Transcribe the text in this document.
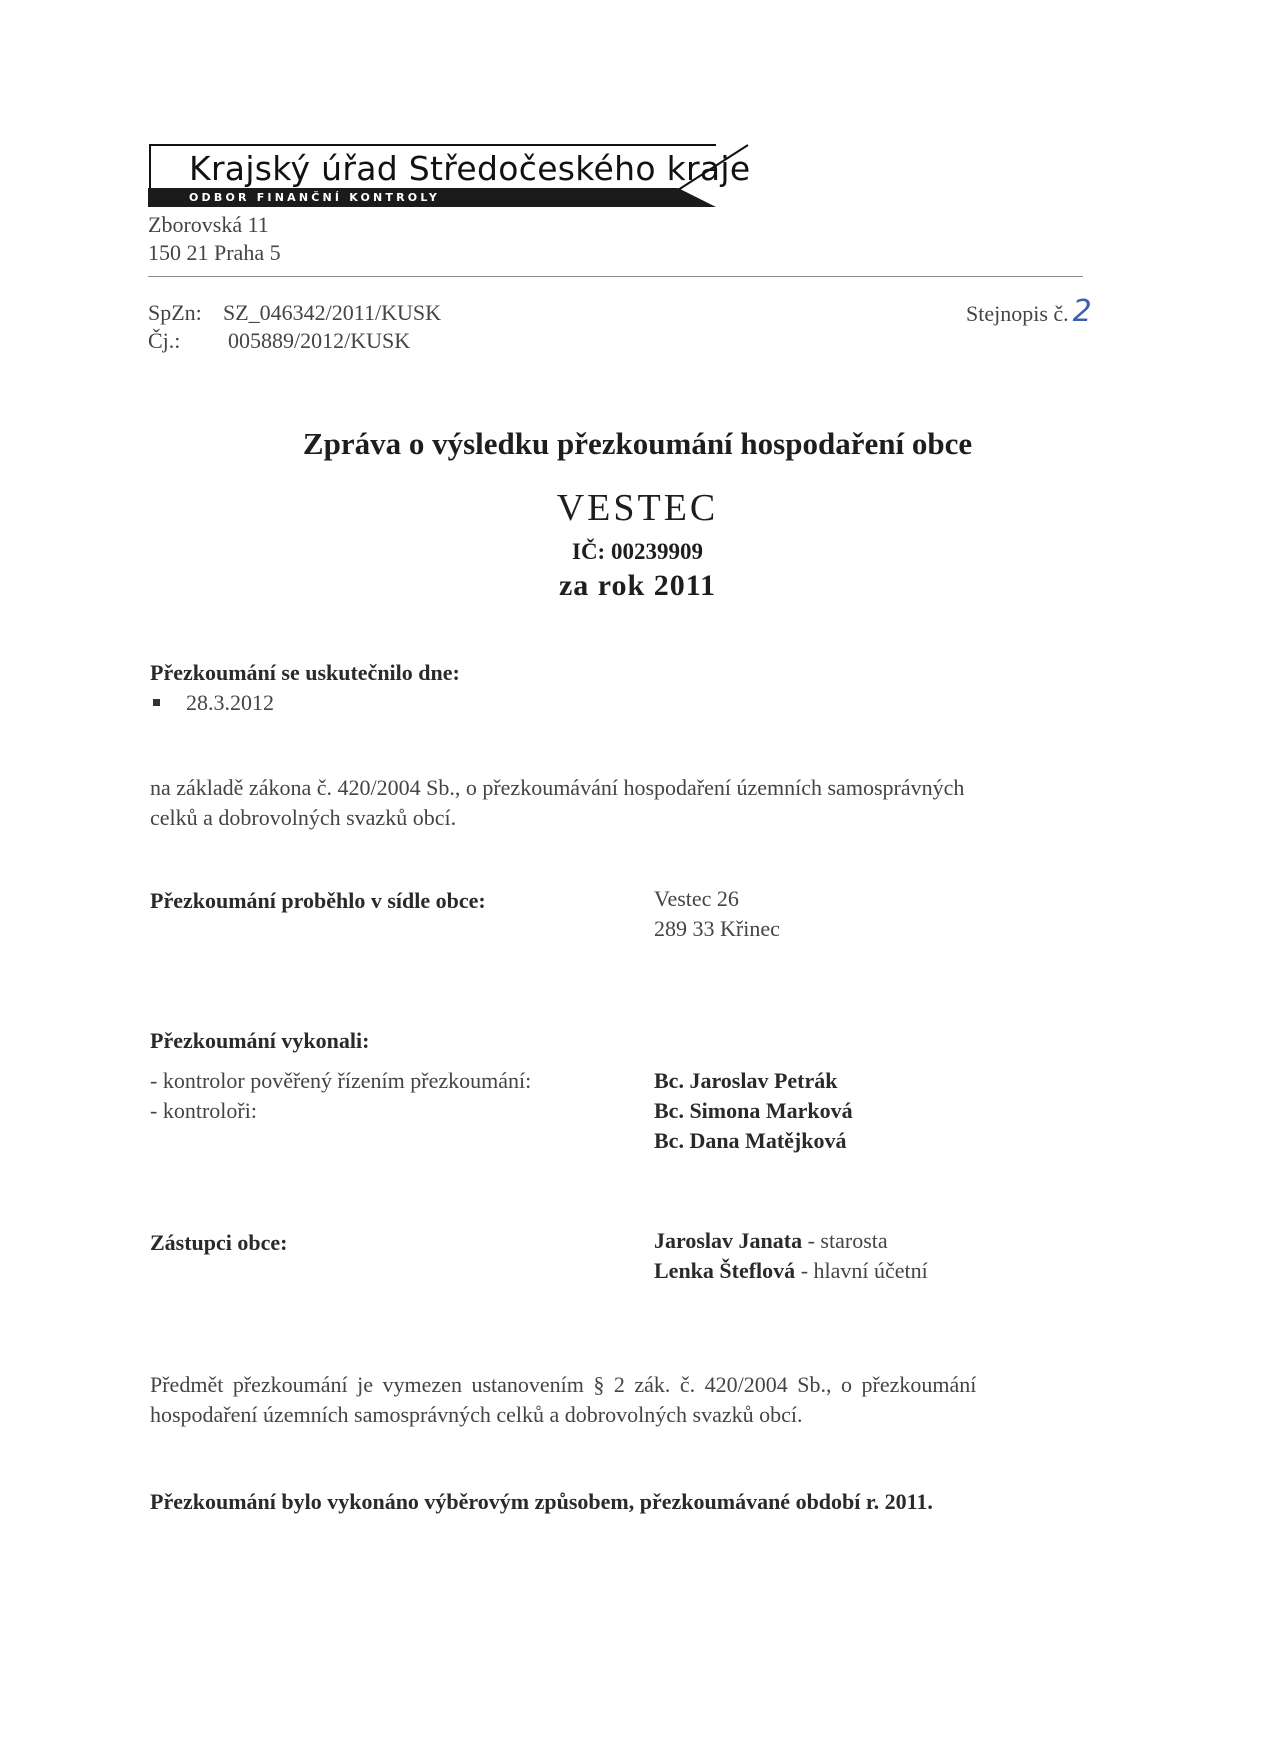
Krajský úřad Středočeského kraje
ODBOR FINANČNÍ KONTROLY
Zborovská 11
150 21 Praha 5
SpZn: SZ_046342/2011/KUSK
Čj.: 005889/2012/KUSK
Stejnopis č. 2
Zpráva o výsledku přezkoumání hospodaření obce
VESTEC
IČ: 00239909
za rok 2011
Přezkoumání se uskutečnilo dne:
28.3.2012
na základě zákona č. 420/2004 Sb., o přezkoumávání hospodaření územních samosprávných
celků a dobrovolných svazků obcí.
Přezkoumání proběhlo v sídle obce:	Vestec 26
289 33 Křinec
Přezkoumání vykonali:
- kontrolor pověřený řízením přezkoumání:
- kontroloři:
Bc. Jaroslav Petrák
Bc. Simona Marková
Bc. Dana Matějková
Zástupci obce:	Jaroslav Janata - starosta
Lenka Šteflová - hlavní účetní
Předmět přezkoumání je vymezen ustanovením § 2 zák. č. 420/2004 Sb., o přezkoumání
hospodaření územních samosprávných celků a dobrovolných svazků obcí.
Přezkoumání bylo vykonáno výběrovým způsobem, přezkoumávané období r. 2011.
